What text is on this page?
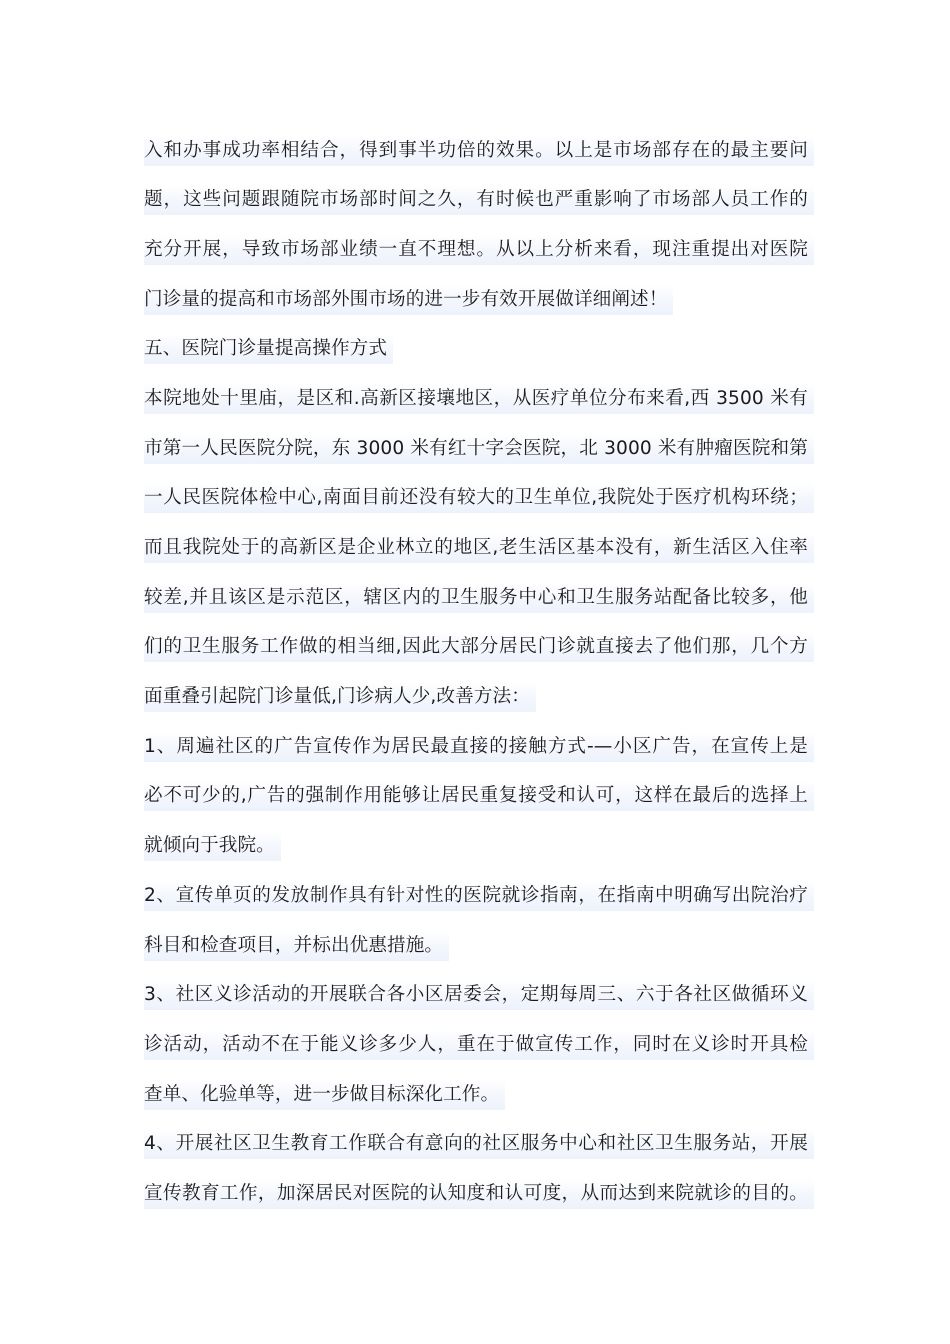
入和办事成功率相结合，得到事半功倍的效果。以上是市场部存在的最主要问
题，这些问题跟随院市场部时间之久，有时候也严重影响了市场部人员工作的
充分开展，导致市场部业绩一直不理想。从以上分析来看，现注重提出对医院
门诊量的提高和市场部外围市场的进一步有效开展做详细阐述！
五、医院门诊量提高操作方式
本院地处十里庙，是区和.高新区接壤地区，从医疗单位分布来看,西 3500 米有
市第一人民医院分院，东 3000 米有红十字会医院，北 3000 米有肿瘤医院和第
一人民医院体检中心,南面目前还没有较大的卫生单位,我院处于医疗机构环绕；
而且我院处于的高新区是企业林立的地区,老生活区基本没有，新生活区入住率
较差,并且该区是示范区，辖区内的卫生服务中心和卫生服务站配备比较多，他
们的卫生服务工作做的相当细,因此大部分居民门诊就直接去了他们那，几个方
面重叠引起院门诊量低,门诊病人少,改善方法：
1、周遍社区的广告宣传作为居民最直接的接触方式-—小区广告，在宣传上是
必不可少的,广告的强制作用能够让居民重复接受和认可，这样在最后的选择上
就倾向于我院。
2、宣传单页的发放制作具有针对性的医院就诊指南，在指南中明确写出院治疗
科目和检查项目，并标出优惠措施。
3、社区义诊活动的开展联合各小区居委会，定期每周三、六于各社区做循环义
诊活动，活动不在于能义诊多少人，重在于做宣传工作，同时在义诊时开具检
查单、化验单等，进一步做目标深化工作。
4、开展社区卫生教育工作联合有意向的社区服务中心和社区卫生服务站，开展
宣传教育工作，加深居民对医院的认知度和认可度，从而达到来院就诊的目的。
